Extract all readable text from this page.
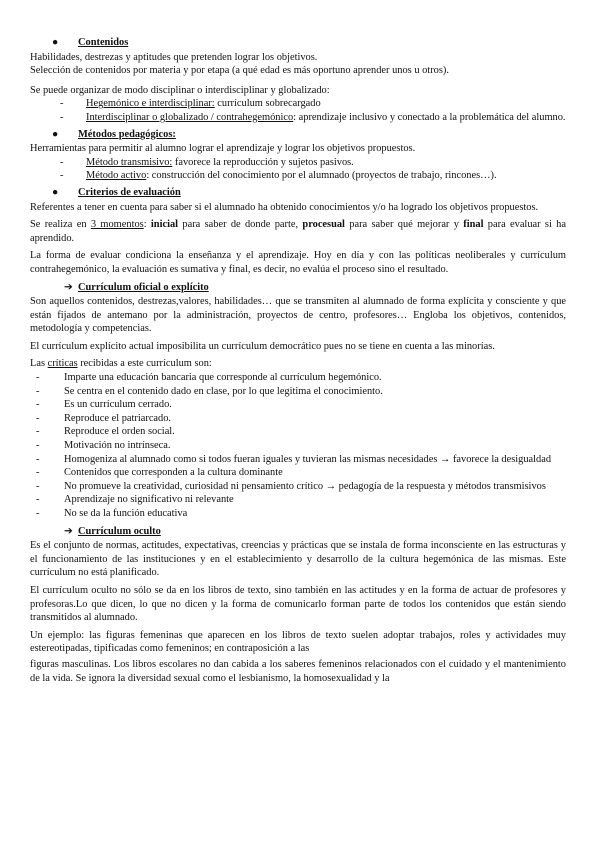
● Contenidos

Habilidades, destrezas y aptitudes que pretenden lograr los objetivos.

Selección de contenidos por materia y por etapa (a qué edad es más oportuno aprender unos u otros).

Se puede organizar de modo disciplinar o interdisciplinar y globalizado:

- Hegemónico e interdisciplinar: currículum sobrecargado
- Interdisciplinar o globalizado / contrahegemónico: aprendizaje inclusivo y conectado a la problemática del alumno.
● Métodos pedagógicos:

Herramientas para permitir al alumno lograr el aprendizaje y lograr los objetivos propuestos.

- Método transmisivo: favorece la reproducción y sujetos pasivos.
- Método activo: construcción del conocimiento por el alumnado (proyectos de trabajo, rincones…).
● Criterios de evaluación

Referentes a tener en cuenta para saber si el alumnado ha obtenido conocimientos y/o ha logrado los objetivos propuestos.

Se realiza en 3 momentos: inicial para saber de donde parte, procesual para saber qué mejorar y final para evaluar si ha aprendido.

La forma de evaluar condiciona la enseñanza y el aprendizaje. Hoy en día y con las políticas neoliberales y currículum contrahegemónico, la evaluación es sumativa y final, es decir, no evalúa el proceso sino el resultado.

➔ Currículum oficial o explícito

Son aquellos contenidos, destrezas,valores, habilidades… que se transmiten al alumnado de forma explícita y consciente y que están fijados de antemano por la administración, proyectos de centro, profesores… Engloba los objetivos, contenidos, metodología y competencias.

El currículum explícito actual imposibilita un currículum democrático pues no se tiene en cuenta a las minorías.

Las críticas recibidas a este currículum son:

- Imparte una educación bancaria que corresponde al currículum hegemónico.
- Se centra en el contenido dado en clase, por lo que legitima el conocimiento.
- Es un currículum cerrado.
- Reproduce el patriarcado.
- Reproduce el orden social.
- Motivación no intrínseca.
- Homogeniza al alumnado como si todos fueran iguales y tuvieran las mismas necesidades → favorece la desigualdad
- Contenidos que corresponden a la cultura dominante
- No promueve la creatividad, curiosidad ni pensamiento crítico → pedagogía de la respuesta y métodos transmisivos
- Aprendizaje no significativo ni relevante
- No se da la función educativa
➔ Currículum oculto

Es el conjunto de normas, actitudes, expectativas, creencias y prácticas que se instala de forma inconsciente en las estructuras y el funcionamiento de las instituciones y en el establecimiento y desarrollo de la cultura hegemónica de las mismas. Este currículum no está planificado.

El currículum oculto no sólo se da en los libros de texto, sino también en las actitudes y en la forma de actuar de profesores y profesoras.Lo que dicen, lo que no dicen y la forma de comunicarlo forman parte de todos los contenidos que están siendo transmitidos al alumnado.

Un ejemplo: las figuras femeninas que aparecen en los libros de texto suelen adoptar trabajos, roles y actividades muy estereotipadas, tipificadas como femeninos; en contraposición a las

figuras masculinas. Los libros escolares no dan cabida a los saberes femeninos relacionados con el cuidado y el mantenimiento de la vida. Se ignora la diversidad sexual como el lesbianismo, la homosexualidad y la
